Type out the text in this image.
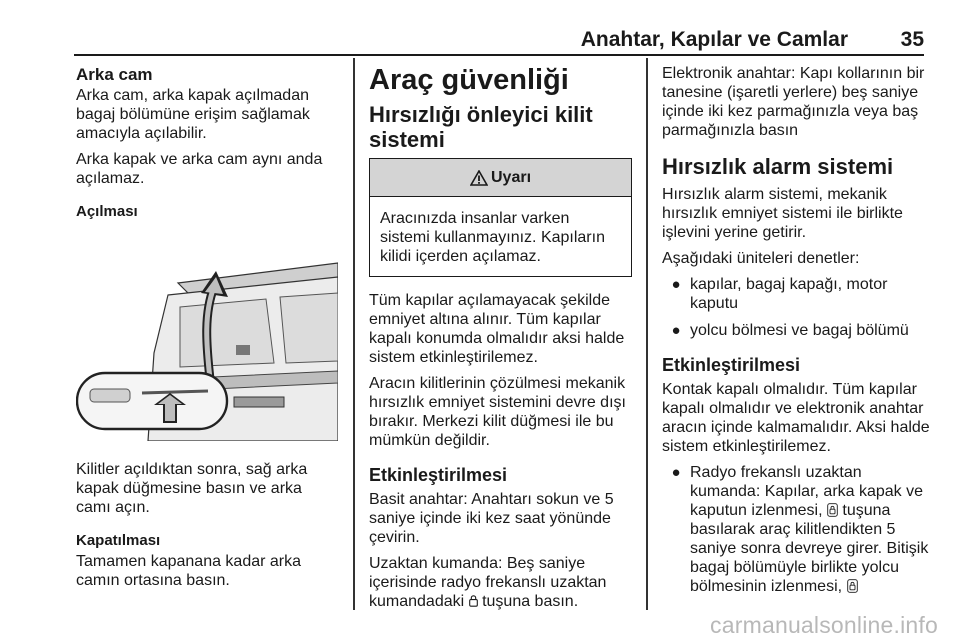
Anahtar, Kapılar ve Camlar	35
Arka cam

Arka cam, arka kapak açılmadan bagaj bölümüne erişim sağlamak amacıyla açılabilir.

Arka kapak ve arka cam aynı anda açılamaz.

Açılması

Kilitler açıldıktan sonra, sağ arka kapak düğmesine basın ve arka camı açın.

Kapatılması

Tamamen kapanana kadar arka camın ortasına basın.

Araç güvenliği
Hırsızlığı önleyici kilit sistemi
Uyarı
Aracınızda insanlar varken sistemi kullanmayınız. Kapıların kilidi içerden açılamaz.

Tüm kapılar açılamayacak şekilde emniyet altına alınır. Tüm kapılar kapalı konumda olmalıdır aksi halde sistem etkinleştirilemez.

Aracın kilitlerinin çözülmesi mekanik hırsızlık emniyet sistemini devre dışı bırakır. Merkezi kilit düğmesi ile bu mümkün değildir.

Etkinleştirilmesi

Basit anahtar: Anahtarı sokun ve 5 saniye içinde iki kez saat yönünde çevirin.

Uzaktan kumanda: Beş saniye içerisinde radyo frekanslı uzaktan kumandadaki  tuşuna basın.

Elektronik anahtar: Kapı kollarının bir tanesine (işaretli yerlere) beş saniye içinde iki kez parmağınızla veya baş parmağınızla basın

Hırsızlık alarm sistemi

Hırsızlık alarm sistemi, mekanik hırsızlık emniyet sistemi ile birlikte işlevini yerine getirir.

Aşağıdaki üniteleri denetler:

● kapılar, bagaj kapağı, motor kaputu
● yolcu bölmesi ve bagaj bölümü
Etkinleştirilmesi

Kontak kapalı olmalıdır. Tüm kapılar kapalı olmalıdır ve elektronik anahtar aracın içinde kalmamalıdır. Aksi halde sistem etkinleştirilemez.

● Radyo frekanslı uzaktan kumanda: Kapılar, arka kapak ve kaputun izlenmesi,  tuşuna basılarak araç kilitlendikten 5 saniye sonra devreye girer. Bitişik bagaj bölümüyle birlikte yolcu bölmesinin izlenmesi,
carmanualsonline.info
